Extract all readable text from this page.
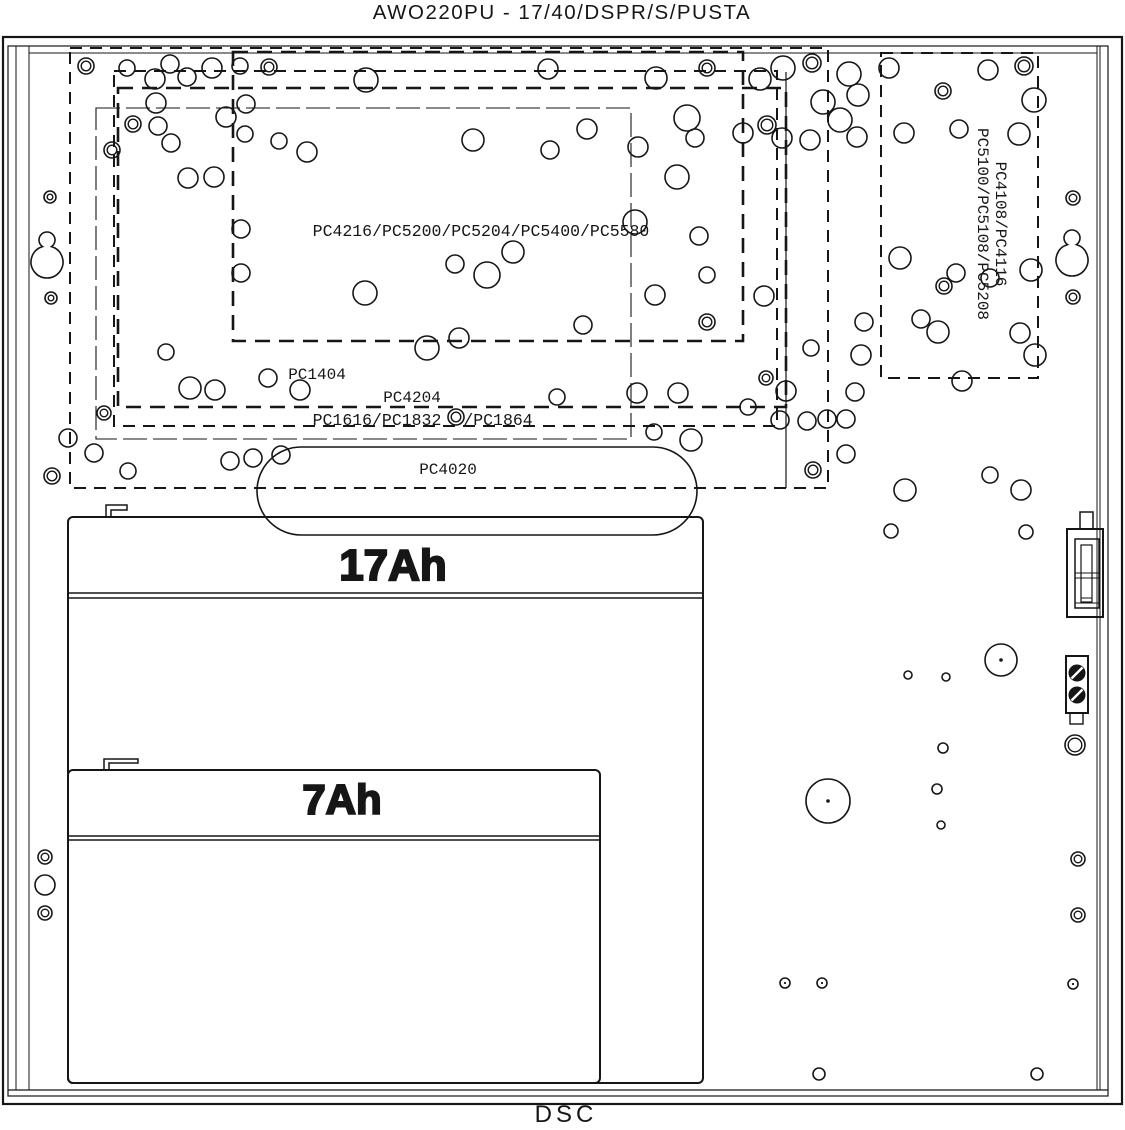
AWO220PU - 17/40/DSPR/S/PUSTA
17Ah
7Ah
PC4216/PC5200/PC5204/PC5400/PC5580
PC1404
PC4204
PC1616/PC1832 /PC1864
PC4020
PC4108/PC4116
PC5100/PC5108/PC5208
DSC
